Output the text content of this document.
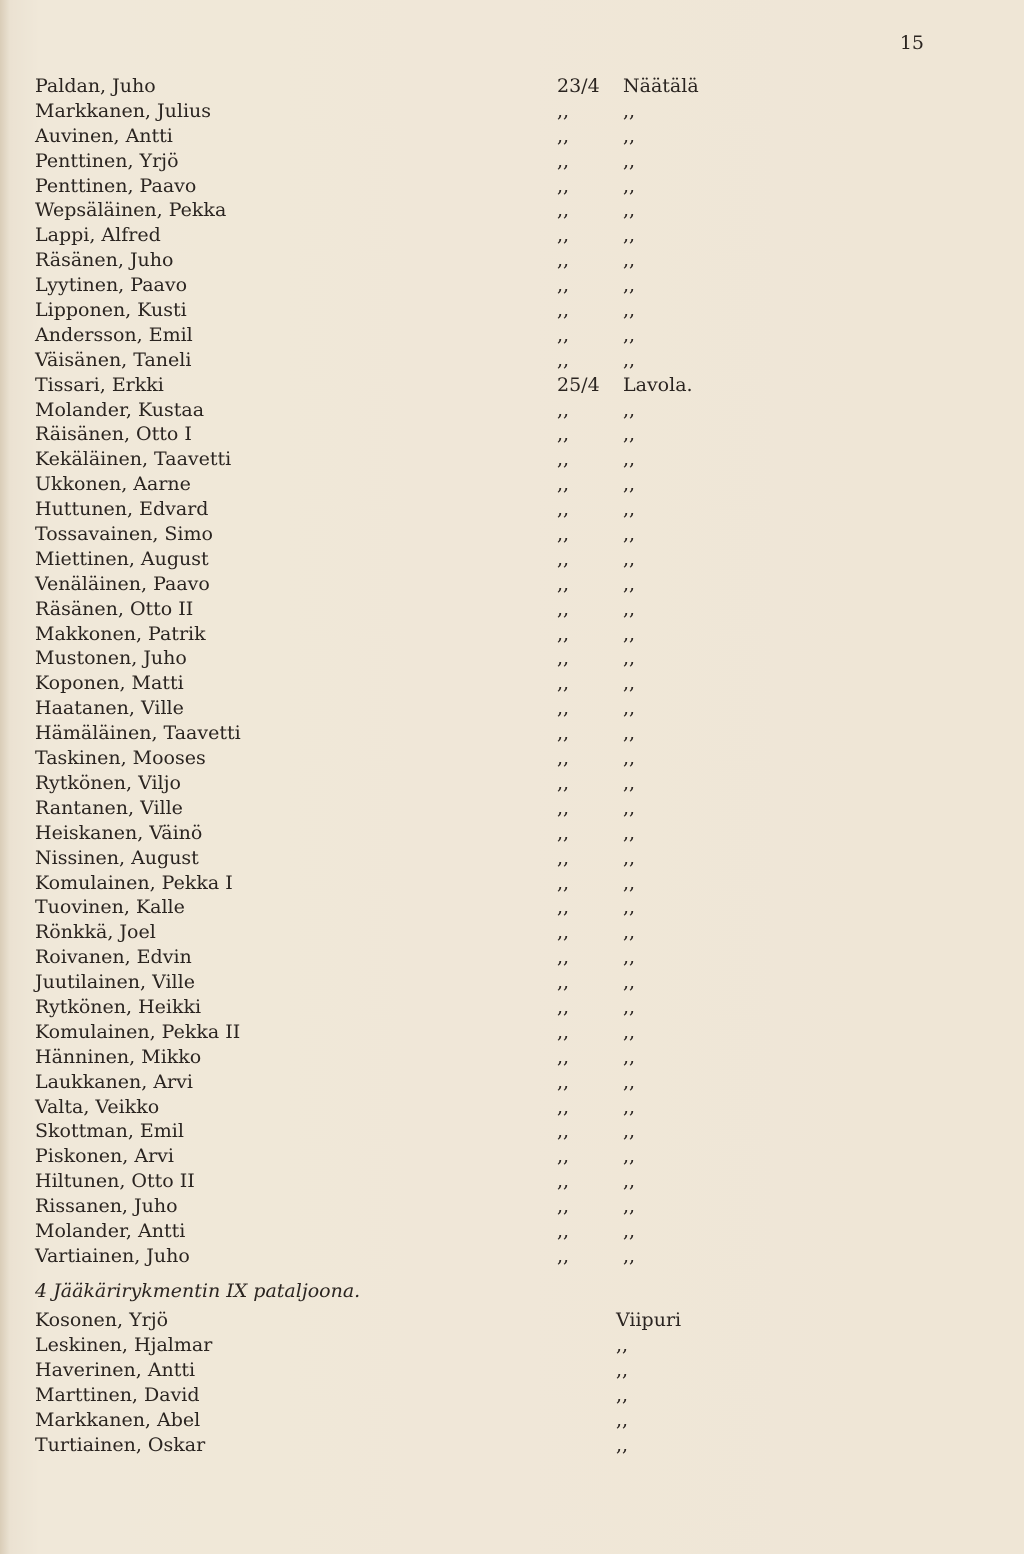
15
Paldan, Juho	23/4 Näätälä
Markkanen, Julius	,,	,,
Auvinen, Antti	,,	,,
Penttinen, Yrjö	,,	,,
Penttinen, Paavo	,,	,,
Wepsäläinen, Pekka	,,	,,
Lappi, Alfred	,,	,,
Räsänen, Juho	,,	,,
Lyytinen, Paavo	,,	,,
Lipponen, Kusti	,,	,,
Andersson, Emil	,,	,,
Väisänen, Taneli	,,	,,
Tissari, Erkki	25/4 Lavola.
Molander, Kustaa	,,	,,
Räisänen, Otto I	,,	,,
Kekäläinen, Taavetti	,,	,,
Ukkonen, Aarne	,,	,,
Huttunen, Edvard	,,	,,
Tossavainen, Simo	,,	,,
Miettinen, August	,,	,,
Venäläinen, Paavo	,,	,,
Räsänen, Otto II	,,	,,
Makkonen, Patrik	,,	,,
Mustonen, Juho	,,	,,
Koponen, Matti	,,	,,
Haatanen, Ville	,,	,,
Hämäläinen, Taavetti	,,	,,
Taskinen, Mooses	,,	,,
Rytkönen, Viljo	,,	,,
Rantanen, Ville	,,	,,
Heiskanen, Väinö	,,	,,
Nissinen, August	,,	,,
Komulainen, Pekka I	,,	,,
Tuovinen, Kalle	,,	,,
Rönkkä, Joel	,,	,,
Roivanen, Edvin	,,	,,
Juutilainen, Ville	,,	,,
Rytkönen, Heikki	,,	,,
Komulainen, Pekka II	,,	,,
Hänninen, Mikko	,,	,,
Laukkanen, Arvi	,,	,,
Valta, Veikko	,,	,,
Skottman, Emil	,,	,,
Piskonen, Arvi	,,	,,
Hiltunen, Otto II	,,	,,
Rissanen, Juho	,,	,,
Molander, Antti	,,	,,
Vartiainen, Juho	,,	,,
4 Jääkärirykmentin IX pataljoona.
Kosonen, Yrjö	Viipuri
Leskinen, Hjalmar	,,
Haverinen, Antti	,,
Marttinen, David	,,
Markkanen, Abel	,,
Turtiainen, Oskar	,,
